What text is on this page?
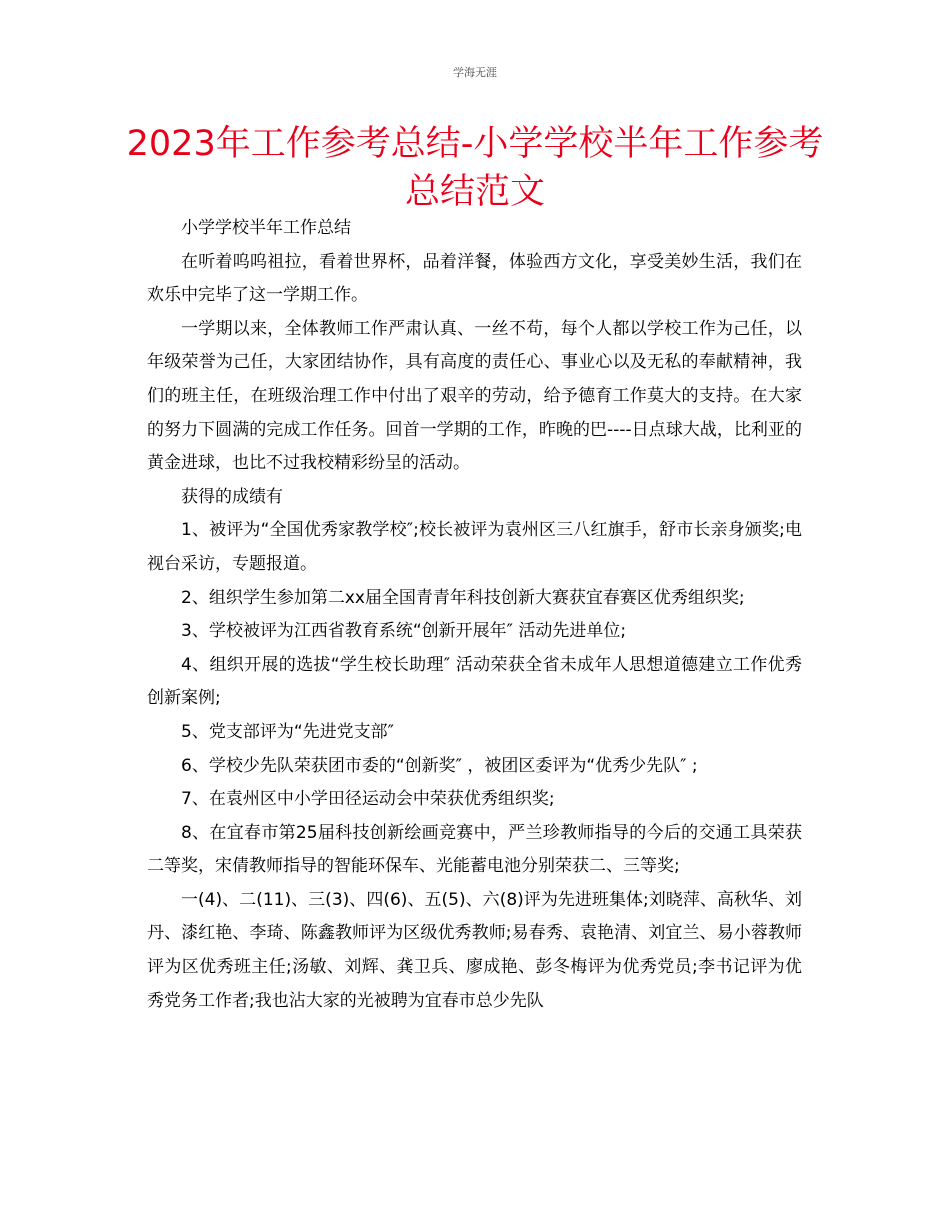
学海无涯
2023年工作参考总结-小学学校半年工作参考总结范文

小学学校半年工作总结

在听着呜呜祖拉，看着世界杯，品着洋餐，体验西方文化，享受美妙生活，我们在欢乐中完毕了这一学期工作。

一学期以来，全体教师工作严肃认真、一丝不苟，每个人都以学校工作为己任，以年级荣誉为己任，大家团结协作，具有高度的责任心、事业心以及无私的奉献精神，我们的班主任，在班级治理工作中付出了艰辛的劳动，给予德育工作莫大的支持。在大家的努力下圆满的完成工作任务。回首一学期的工作，昨晚的巴----日点球大战，比利亚的黄金进球，也比不过我校精彩纷呈的活动。

获得的成绩有

1、被评为“全国优秀家教学校″;校长被评为袁州区三八红旗手，舒市长亲身颁奖;电视台采访，专题报道。

2、组织学生参加第二xx届全国青青年科技创新大赛获宜春赛区优秀组织奖;

3、学校被评为江西省教育系统“创新开展年″ 活动先进单位;

4、组织开展的选拔“学生校长助理″ 活动荣获全省未成年人思想道德建立工作优秀创新案例;

5、党支部评为“先进党支部″

6、学校少先队荣获团市委的“创新奖″ ，被团区委评为“优秀少先队″ ;

7、在袁州区中小学田径运动会中荣获优秀组织奖;

8、在宜春市第25届科技创新绘画竞赛中，严兰珍教师指导的今后的交通工具荣获二等奖，宋倩教师指导的智能环保车、光能蓄电池分别荣获二、三等奖;

一(4)、二(11)、三(3)、四(6)、五(5)、六(8)评为先进班集体;刘晓萍、高秋华、刘丹、漆红艳、李琦、陈鑫教师评为区级优秀教师;易春秀、袁艳清、刘宜兰、易小蓉教师评为区优秀班主任;汤敏、刘辉、龚卫兵、廖成艳、彭冬梅评为优秀党员;李书记评为优秀党务工作者;我也沾大家的光被聘为宜春市总少先队
